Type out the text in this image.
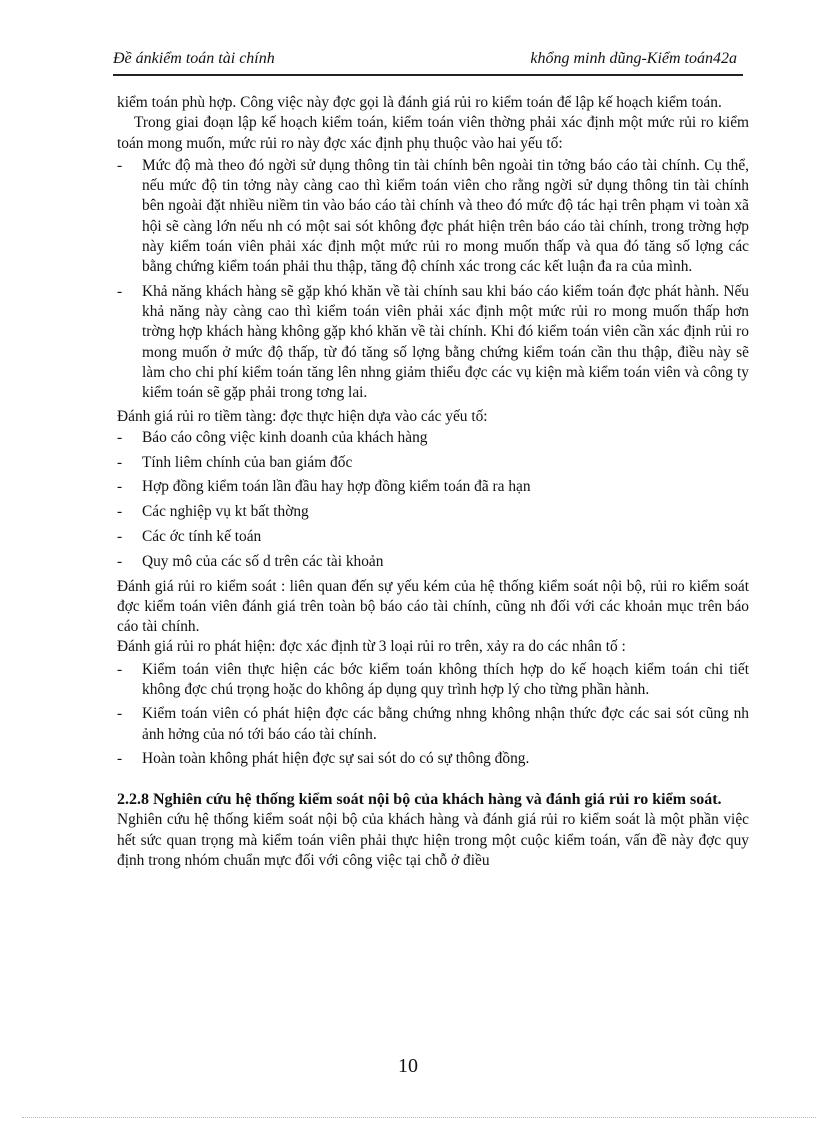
Đề ánkiểm toán tài chính	khổng minh dũng-Kiểm toán42a

kiểm toán phù hợp. Công việc này đợc gọi là đánh giá rủi ro kiểm toán để lập kế hoạch kiểm toán.

Trong giai đoạn lập kế hoạch kiểm toán, kiểm toán viên thờng phải xác định một mức rủi ro kiểm toán mong muốn, mức rủi ro này đợc xác định phụ thuộc vào hai yếu tố:

- Mức độ mà theo đó ngời sử dụng thông tin tài chính bên ngoài tin tởng báo cáo tài chính. Cụ thể, nếu mức độ tin tởng này càng cao thì kiểm toán viên cho rằng ngời sử dụng thông tin tài chính bên ngoài đặt nhiều niềm tin vào báo cáo tài chính và theo đó mức độ tác hại trên phạm vi toàn xã hội sẽ càng lớn nếu nh có một sai sót không đợc phát hiện trên báo cáo tài chính, trong trờng hợp này kiểm toán viên phải xác định một mức rủi ro mong muốn thấp và qua đó tăng số lợng các bằng chứng kiểm toán phải thu thập, tăng độ chính xác trong các kết luận đa ra của mình.
- Khả năng khách hàng sẽ gặp khó khăn về tài chính sau khi báo cáo kiểm toán đợc phát hành. Nếu khả năng này càng cao thì kiểm toán viên phải xác định một mức rủi ro mong muốn thấp hơn trờng hợp khách hàng không gặp khó khăn về tài chính. Khi đó kiểm toán viên cần xác định rủi ro mong muốn ở mức độ thấp, từ đó tăng số lợng bằng chứng kiểm toán cần thu thập, điều này sẽ làm cho chi phí kiểm toán tăng lên nhng giảm thiểu đợc các vụ kiện mà kiểm toán viên và công ty kiểm toán sẽ gặp phải trong tơng lai.

Đánh giá rủi ro tiềm tàng: đợc thực hiện dựa vào các yếu tố:

- Báo cáo công việc kinh doanh của khách hàng
- Tính liêm chính của ban giám đốc
- Hợp đồng kiểm toán lần đầu hay hợp đồng kiểm toán đã ra hạn
- Các nghiệp vụ kt bất thờng
- Các ớc tính kế toán
- Quy mô của các số d trên các tài khoản

Đánh giá rủi ro kiểm soát : liên quan đến sự yếu kém của hệ thống kiểm soát nội bộ, rủi ro kiểm soát đợc kiểm toán viên đánh giá trên toàn bộ báo cáo tài chính, cũng nh đối với các khoản mục trên báo cáo tài chính.

Đánh giá rủi ro phát hiện: đợc xác định từ 3 loại rủi ro trên, xảy ra do các nhân tố :

- Kiểm toán viên thực hiện các bớc kiểm toán không thích hợp do kế hoạch kiểm toán chi tiết không đợc chú trọng hoặc do không áp dụng quy trình hợp lý cho từng phần hành.
- Kiểm toán viên có phát hiện đợc các bằng chứng nhng không nhận thức đợc các sai sót cũng nh ảnh hởng của nó tới báo cáo tài chính.
- Hoàn toàn không phát hiện đợc sự sai sót do có sự thông đồng.
2.2.8 Nghiên cứu hệ thống kiểm soát nội bộ của khách hàng và đánh giá rủi ro kiểm soát.

Nghiên cứu hệ thống kiểm soát nội bộ của khách hàng và đánh giá rủi ro kiểm soát là một phần việc hết sức quan trọng mà kiểm toán viên phải thực hiện trong một cuộc kiểm toán, vấn đề này đợc quy định trong nhóm chuẩn mực đối với công việc tại chỗ ở điều

10
